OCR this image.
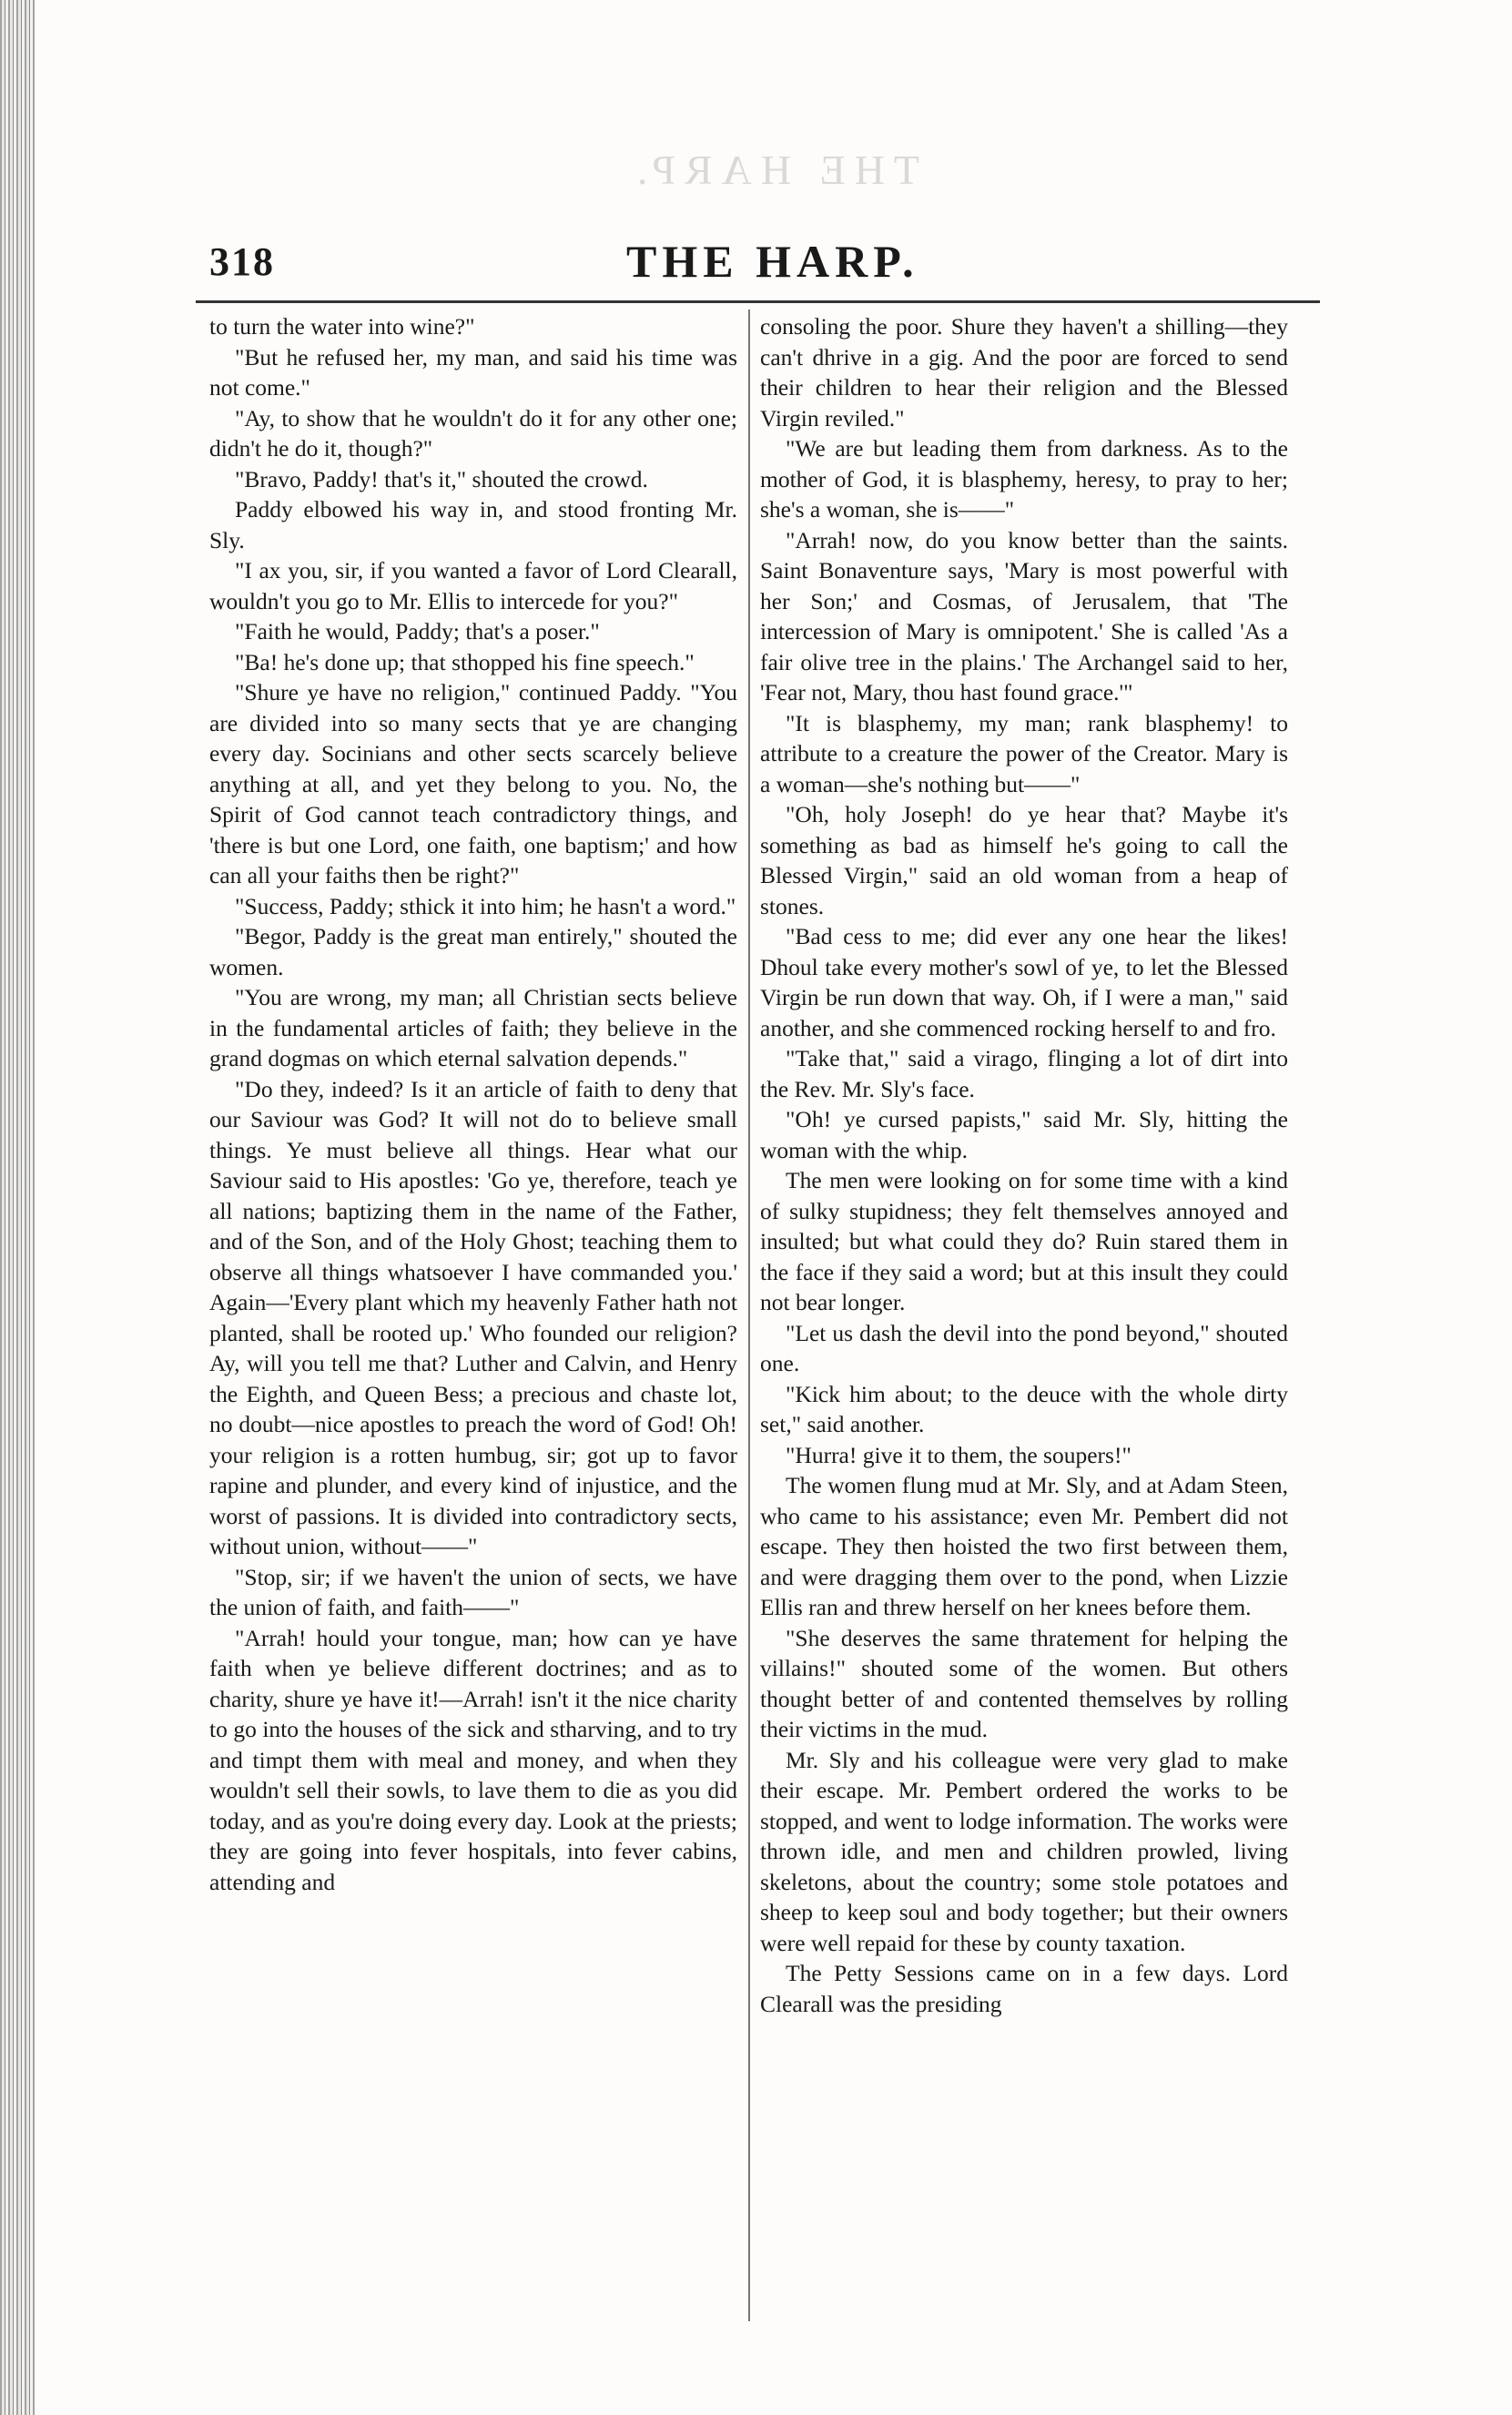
THE HARP.
318	THE HARP.

to turn the water into wine?"

"But he refused her, my man, and said his time was not come."

"Ay, to show that he wouldn't do it for any other one; didn't he do it, though?"

"Bravo, Paddy! that's it," shouted the crowd.

Paddy elbowed his way in, and stood fronting Mr. Sly.

"I ax you, sir, if you wanted a favor of Lord Clearall, wouldn't you go to Mr. Ellis to intercede for you?"

"Faith he would, Paddy; that's a poser."

"Ba! he's done up; that sthopped his fine speech."

"Shure ye have no religion," continued Paddy. "You are divided into so many sects that ye are changing every day. Socinians and other sects scarcely believe anything at all, and yet they belong to you. No, the Spirit of God cannot teach contradictory things, and 'there is but one Lord, one faith, one baptism;' and how can all your faiths then be right?"

"Success, Paddy; sthick it into him; he hasn't a word."

"Begor, Paddy is the great man entirely," shouted the women.

"You are wrong, my man; all Christian sects believe in the fundamental articles of faith; they believe in the grand dogmas on which eternal salvation depends."

"Do they, indeed? Is it an article of faith to deny that our Saviour was God? It will not do to believe small things. Ye must believe all things. Hear what our Saviour said to His apostles: 'Go ye, therefore, teach ye all nations; baptizing them in the name of the Father, and of the Son, and of the Holy Ghost; teaching them to observe all things whatsoever I have commanded you.' Again—'Every plant which my heavenly Father hath not planted, shall be rooted up.' Who founded our religion? Ay, will you tell me that? Luther and Calvin, and Henry the Eighth, and Queen Bess; a precious and chaste lot, no doubt—nice apostles to preach the word of God! Oh! your religion is a rotten humbug, sir; got up to favor rapine and plunder, and every kind of injustice, and the worst of passions. It is divided into contradictory sects, without union, without——"

"Stop, sir; if we haven't the union of sects, we have the union of faith, and faith——"

"Arrah! hould your tongue, man; how can ye have faith when ye believe different doctrines; and as to charity, shure ye have it!—Arrah! isn't it the nice charity to go into the houses of the sick and stharving, and to try and timpt them with meal and money, and when they wouldn't sell their sowls, to lave them to die as you did today, and as you're doing every day. Look at the priests; they are going into fever hospitals, into fever cabins, attending and

consoling the poor. Shure they haven't a shilling—they can't dhrive in a gig. And the poor are forced to send their children to hear their religion and the Blessed Virgin reviled."

"We are but leading them from darkness. As to the mother of God, it is blasphemy, heresy, to pray to her; she's a woman, she is——"

"Arrah! now, do you know better than the saints. Saint Bonaventure says, 'Mary is most powerful with her Son;' and Cosmas, of Jerusalem, that 'The intercession of Mary is omnipotent.' She is called 'As a fair olive tree in the plains.' The Archangel said to her, 'Fear not, Mary, thou hast found grace.'"

"It is blasphemy, my man; rank blasphemy! to attribute to a creature the power of the Creator. Mary is a woman—she's nothing but——"

"Oh, holy Joseph! do ye hear that? Maybe it's something as bad as himself he's going to call the Blessed Virgin," said an old woman from a heap of stones.

"Bad cess to me; did ever any one hear the likes! Dhoul take every mother's sowl of ye, to let the Blessed Virgin be run down that way. Oh, if I were a man," said another, and she commenced rocking herself to and fro.

"Take that," said a virago, flinging a lot of dirt into the Rev. Mr. Sly's face.

"Oh! ye cursed papists," said Mr. Sly, hitting the woman with the whip.

The men were looking on for some time with a kind of sulky stupidness; they felt themselves annoyed and insulted; but what could they do? Ruin stared them in the face if they said a word; but at this insult they could not bear longer.

"Let us dash the devil into the pond beyond," shouted one.

"Kick him about; to the deuce with the whole dirty set," said another.

"Hurra! give it to them, the soupers!"

The women flung mud at Mr. Sly, and at Adam Steen, who came to his assistance; even Mr. Pembert did not escape. They then hoisted the two first between them, and were dragging them over to the pond, when Lizzie Ellis ran and threw herself on her knees before them.

"She deserves the same thratement for helping the villains!" shouted some of the women. But others thought better of and contented themselves by rolling their victims in the mud.

Mr. Sly and his colleague were very glad to make their escape. Mr. Pembert ordered the works to be stopped, and went to lodge information. The works were thrown idle, and men and children prowled, living skeletons, about the country; some stole potatoes and sheep to keep soul and body together; but their owners were well repaid for these by county taxation.

The Petty Sessions came on in a few days. Lord Clearall was the presiding
